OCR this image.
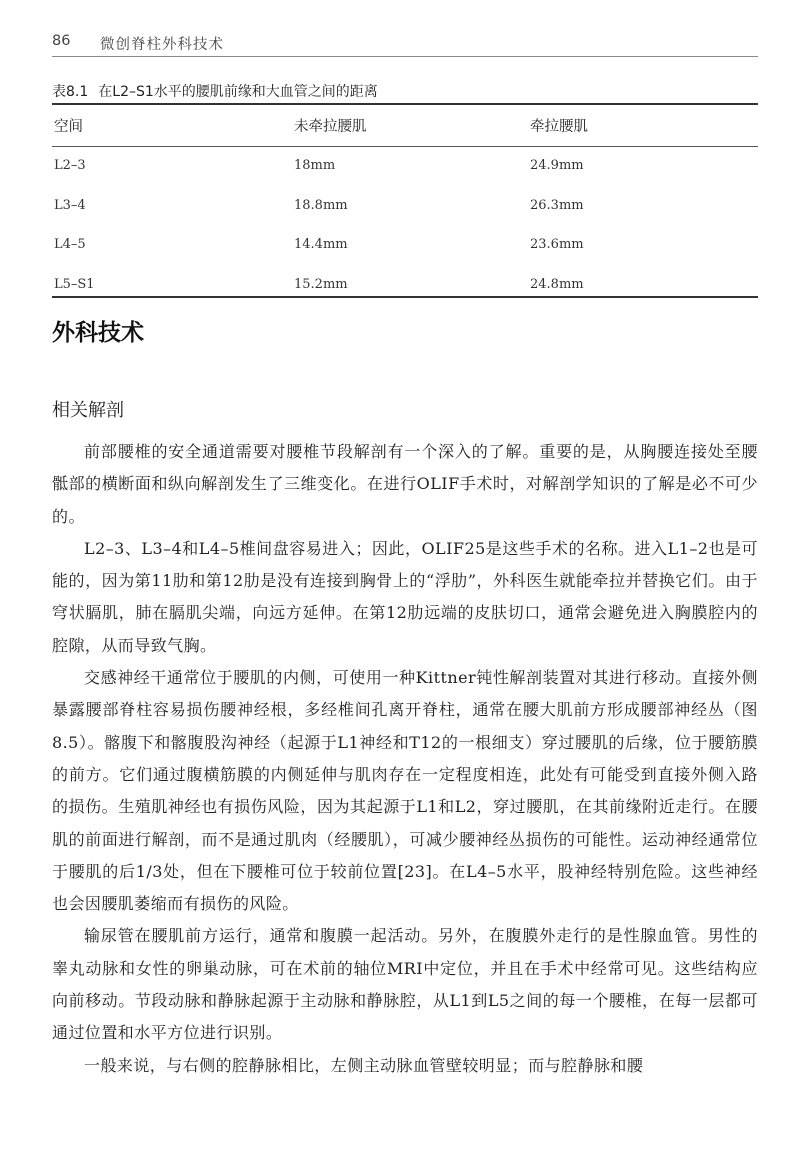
86 微创脊柱外科技术
表8.1 在L2–S1水平的腰肌前缘和大血管之间的距离
空间	未牵拉腰肌	牵拉腰肌
L2–3	18mm	24.9mm
L3–4	18.8mm	26.3mm
L4–5	14.4mm	23.6mm
L5–S1	15.2mm	24.8mm
外科技术
相关解剖

前部腰椎的安全通道需要对腰椎节段解剖有一个深入的了解。重要的是，从胸腰连接处至腰骶部的横断面和纵向解剖发生了三维变化。在进行OLIF手术时，对解剖学知识的了解是必不可少的。

L2–3、L3–4和L4–5椎间盘容易进入；因此，OLIF25是这些手术的名称。进入L1–2也是可能的，因为第11肋和第12肋是没有连接到胸骨上的“浮肋”，外科医生就能牵拉并替换它们。由于穹状膈肌，肺在膈肌尖端，向远方延伸。在第12肋远端的皮肤切口，通常会避免进入胸膜腔内的腔隙，从而导致气胸。

交感神经干通常位于腰肌的内侧，可使用一种Kittner钝性解剖装置对其进行移动。直接外侧暴露腰部脊柱容易损伤腰神经根，多经椎间孔离开脊柱，通常在腰大肌前方形成腰部神经丛（图8.5）。髂腹下和髂腹股沟神经（起源于L1神经和T12的一根细支）穿过腰肌的后缘，位于腰筋膜的前方。它们通过腹横筋膜的内侧延伸与肌肉存在一定程度相连，此处有可能受到直接外侧入路的损伤。生殖肌神经也有损伤风险，因为其起源于L1和L2，穿过腰肌，在其前缘附近走行。在腰肌的前面进行解剖，而不是通过肌肉（经腰肌），可减少腰神经丛损伤的可能性。运动神经通常位于腰肌的后1/3处，但在下腰椎可位于较前位置[23]。在L4–5水平，股神经特别危险。这些神经也会因腰肌萎缩而有损伤的风险。

输尿管在腰肌前方运行，通常和腹膜一起活动。另外，在腹膜外走行的是性腺血管。男性的睾丸动脉和女性的卵巢动脉，可在术前的轴位MRI中定位，并且在手术中经常可见。这些结构应向前移动。节段动脉和静脉起源于主动脉和静脉腔，从L1到L5之间的每一个腰椎，在每一层都可通过位置和水平方位进行识别。

一般来说，与右侧的腔静脉相比，左侧主动脉血管壁较明显；而与腔静脉和腰
